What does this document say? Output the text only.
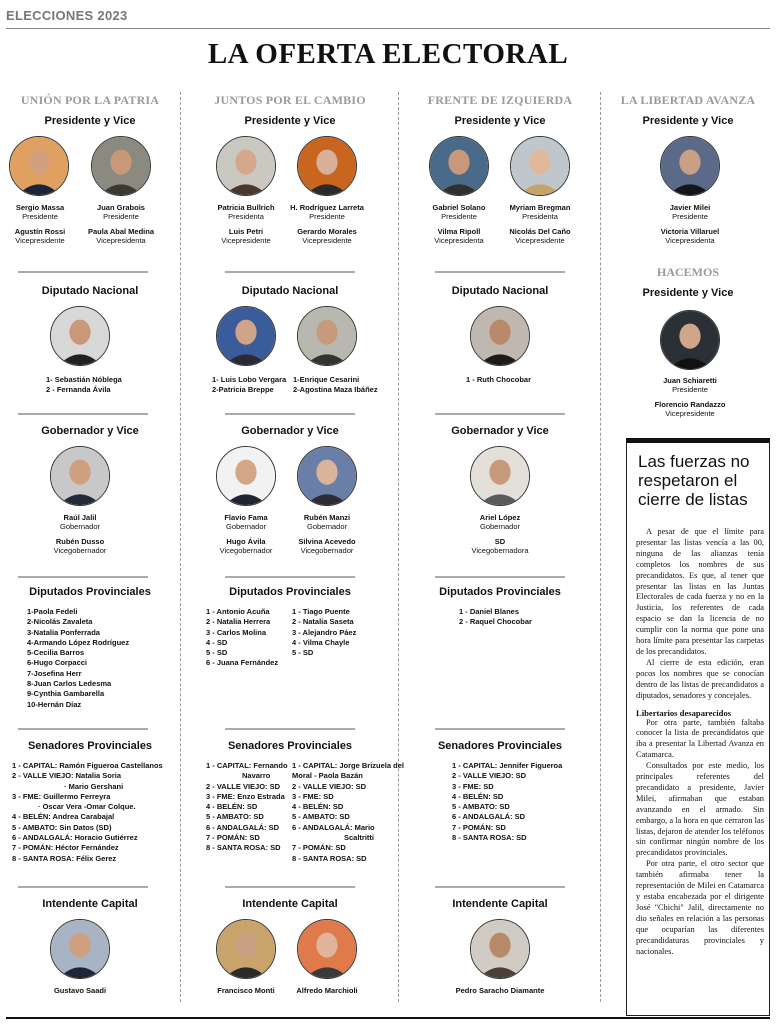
ELECCIONES 2023
LA OFERTA ELECTORAL
UNIÓN POR LA PATRIA	JUNTOS POR EL CAMBIO	FRENTE DE IZQUIERDA	LA LIBERTAD AVANZA
Presidente y Vice	Presidente y Vice	Presidente y Vice	Presidente y Vice
Sergio Massa
Presidente
Juan Grabois
Presidente
Agustín Rossi
Vicepresidente
Paula Abal Medina
Vicepresidenta
Patricia Bullrich
Presidenta
H. Rodríguez Larreta
Presidente
Luis Petri
Vicepresidente
Gerardo Morales
Vicepresidente
Gabriel Solano
Presidente
Myriam Bregman
Presidenta
Vilma Ripoll
Vicepresidenta
Nicolás Del Caño
Vicepresidente
Javier Milei
Presidente
Victoria Villaruel
Vicepresidenta
HACEMOS
Presidente y Vice
Juan Schiaretti
Presidente
Florencio Randazzo
Vicepresidente
Diputado Nacional	Diputado Nacional	Diputado Nacional
1- Sebastián Nóblega
2 - Fernanda Ávila
1- Luis Lobo Vergara
2-Patricia Breppe
1-Enrique Cesarini
2-Agostina Maza Ibáñez
1 - Ruth Chocobar
Gobernador y Vice	Gobernador y Vice	Gobernador y Vice
Raúl Jalil
Gobernador
Rubén Dusso
Vicegobernador
Flavio Fama
Gobernador
Rubén Manzi
Gobernador
Hugo Ávila
Vicegobernador
Silvina Acevedo
Vicegobernador
Ariel López
Gobernador
SD
Vicegobernadora
Diputados Provinciales	Diputados Provinciales	Diputados Provinciales
1-Paola Fedeli
2-Nicolás Zavaleta
3-Natalia Ponferrada
4-Armando López Rodríguez
5-Cecilia Barros
6-Hugo Corpacci
7-Josefina Herr
8-Juan Carlos Ledesma
9-Cynthia Gambarella
10-Hernán Díaz
1 - Antonio Acuña
2 - Natalia Herrera
3 - Carlos Molina
4 - SD
5 - SD
6 - Juana Fernández
1 - Tiago Puente
2 - Natalia Saseta
3 - Alejandro Páez
4 - Vilma Chayle
5 - SD
1 - Daniel Blanes
2 - Raquel Chocobar
Senadores Provinciales	Senadores Provinciales	Senadores Provinciales
1 - CAPITAL: Ramón Figueroa Castellanos
2 - VALLE VIEJO: Natalia Soria
· Mario Gershani
3 - FME: Guillermo Ferreyra
· Oscar Vera -Omar Colque.
4 - BELÉN: Andrea Carabajal
5 - AMBATO: Sin Datos (SD)
6 - ANDALGALÁ: Horacio Gutiérrez
7 - POMÁN: Héctor Fernández
8 - SANTA ROSA: Félix Gerez
1 - CAPITAL: Fernando
Navarro
2 - VALLE VIEJO: SD
3 - FME: Enzo Estrada
4 - BELÉN: SD
5 - AMBATO: SD
6 - ANDALGALÁ: SD
7 - POMÁN: SD
8 - SANTA ROSA: SD
1 - CAPITAL: Jorge Brizuela del
Moral - Paola Bazán
2 - VALLE VIEJO: SD
3 - FME: SD
4 - BELÉN: SD
5 - AMBATO: SD
6 - ANDALGALÁ: Mario
Scaltritti
7 - POMÁN: SD
8 - SANTA ROSA: SD
1 - CAPITAL: Jennifer Figueroa
2 - VALLE VIEJO: SD
3 - FME: SD
4 - BELÉN: SD
5 - AMBATO: SD
6 - ANDALGALÁ: SD
7 - POMÁN: SD
8 - SANTA ROSA: SD
Intendente Capital	Intendente Capital	Intendente Capital
Gustavo Saadi	Francisco Monti	Alfredo Marchioli	Pedro Saracho Diamante
Las fuerzas no respetaron el cierre de listas

A pesar de que el límite para presentar las listas vencía a las 00, ninguna de las alianzas tenía completos los nombres de sus precandidatos. Es que, al tener que presentar las listas en las Juntas Electorales de cada fuerza y no en la Justicia, los referentes de cada espacio se dan la licencia de no cumplir con la norma que pone una hora límite para presentar las carpetas de los precandidatos.

Al cierre de esta edición, eran pocos los nombres que se conocían dentro de las listas de precandidatos a diputados, senadores y concejales.

Libertarios desaparecidos

Por otra parte, también faltaba conocer la lista de precandidatos que iba a presentar la Libertad Avanza en Catamarca.

Consultados por este medio, los principales referentes del precandidato a presidente, Javier Milei, afirmaban que estaban avanzando en el armado. Sin embargo, a la hora en que cerraron las listas, dejaron de atender los teléfonos sin confirmar ningún nombre de los precandidatos provinciales.

Por otra parte, el otro sector que también afirmaba tener la representación de Milei en Catamarca y estaba encabezada por el dirigente José "Chichi" Jalil, directamente no dio señales en relación a las personas que ocuparían las diferentes precandidaturas provinciales y nacionales.
